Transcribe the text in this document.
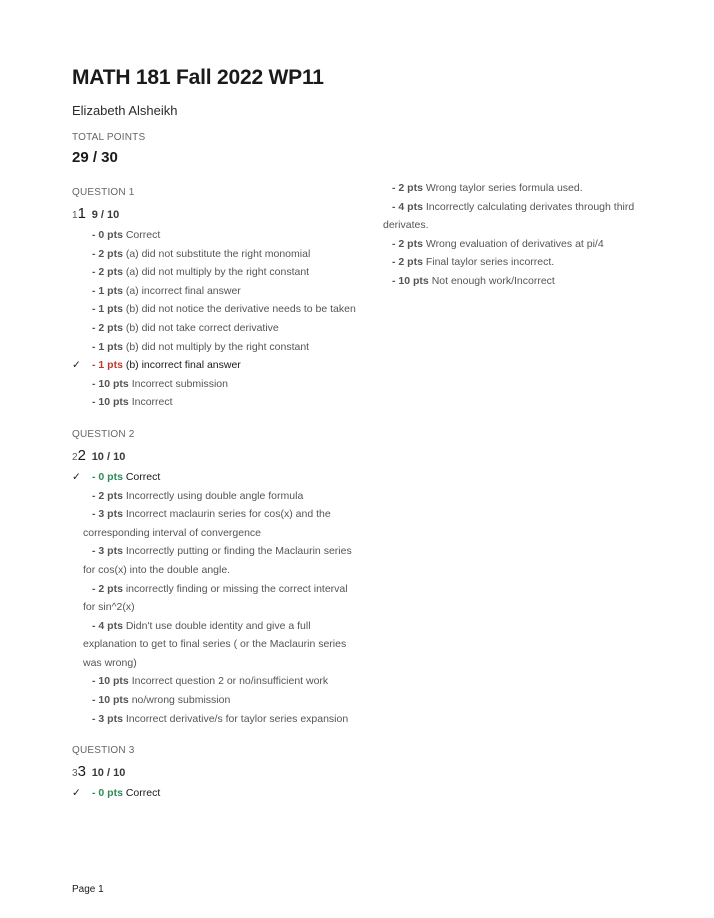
MATH 181 Fall 2022 WP11
Elizabeth Alsheikh
TOTAL POINTS
29 / 30
QUESTION 1
11 9 / 10
- 0 pts Correct
- 2 pts (a) did not substitute the right monomial
- 2 pts (a) did not multiply by the right constant
- 1 pts (a) incorrect final answer
- 1 pts (b) did not notice the derivative needs to be taken
- 2 pts (b) did not take correct derivative
- 1 pts (b) did not multiply by the right constant
✓ - 1 pts (b) incorrect final answer
- 10 pts Incorrect submission
- 10 pts Incorrect
QUESTION 2
22 10 / 10
✓ - 0 pts Correct
- 2 pts Incorrectly using double angle formula
- 3 pts Incorrect maclaurin series for cos(x) and the corresponding interval of convergence
- 3 pts Incorrectly putting or finding the Maclaurin series for cos(x) into the double angle.
- 2 pts incorrectly finding or missing the correct interval for sin^2(x)
- 4 pts Didn't use double identity and give a full explanation to get to final series ( or the Maclaurin series was wrong)
- 10 pts Incorrect question 2 or no/insufficient work
- 10 pts no/wrong submission
- 3 pts Incorrect derivative/s for taylor series expansion
QUESTION 3
33 10 / 10
✓ - 0 pts Correct
- 2 pts Wrong taylor series formula used.
- 4 pts Incorrectly calculating derivates through third derivates.
- 2 pts Wrong evaluation of derivatives at pi/4
- 2 pts Final taylor series incorrect.
- 10 pts Not enough work/Incorrect
Page 1
